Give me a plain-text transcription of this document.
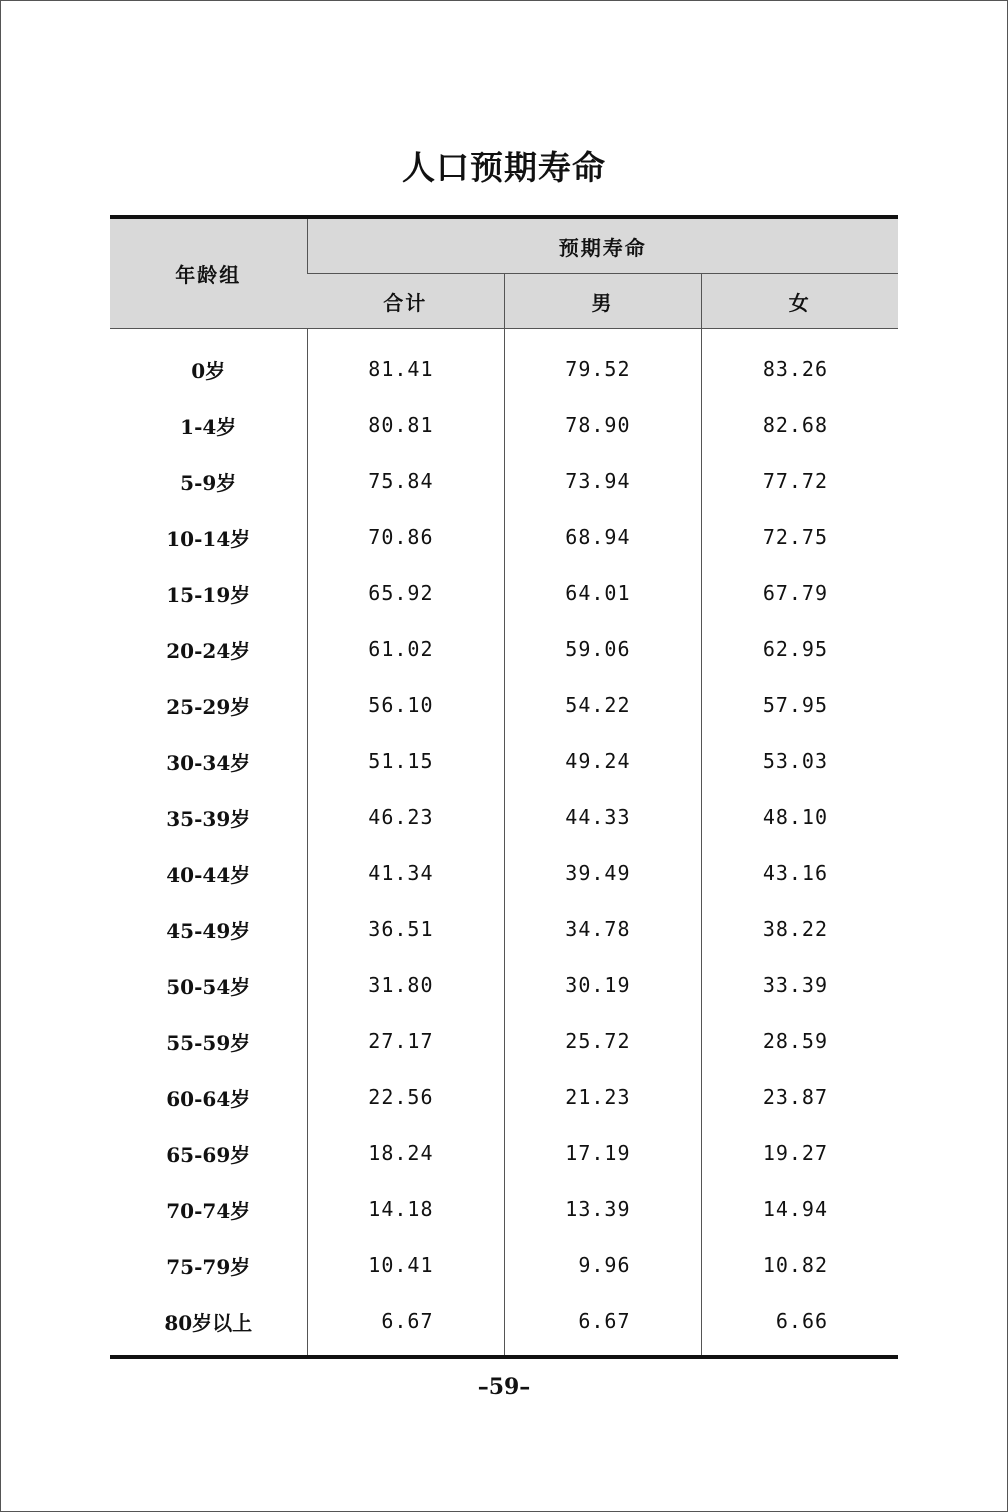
人口预期寿命
年龄组	预期寿命		
	合计	男	女
0岁	81.41	79.52	83.26
1-4岁	80.81	78.90	82.68
5-9岁	75.84	73.94	77.72
10-14岁	70.86	68.94	72.75
15-19岁	65.92	64.01	67.79
20-24岁	61.02	59.06	62.95
25-29岁	56.10	54.22	57.95
30-34岁	51.15	49.24	53.03
35-39岁	46.23	44.33	48.10
40-44岁	41.34	39.49	43.16
45-49岁	36.51	34.78	38.22
50-54岁	31.80	30.19	33.39
55-59岁	27.17	25.72	28.59
60-64岁	22.56	21.23	23.87
65-69岁	18.24	17.19	19.27
70-74岁	14.18	13.39	14.94
75-79岁	10.41	9.96	10.82
80岁以上	6.67	6.67	6.66
–59–
